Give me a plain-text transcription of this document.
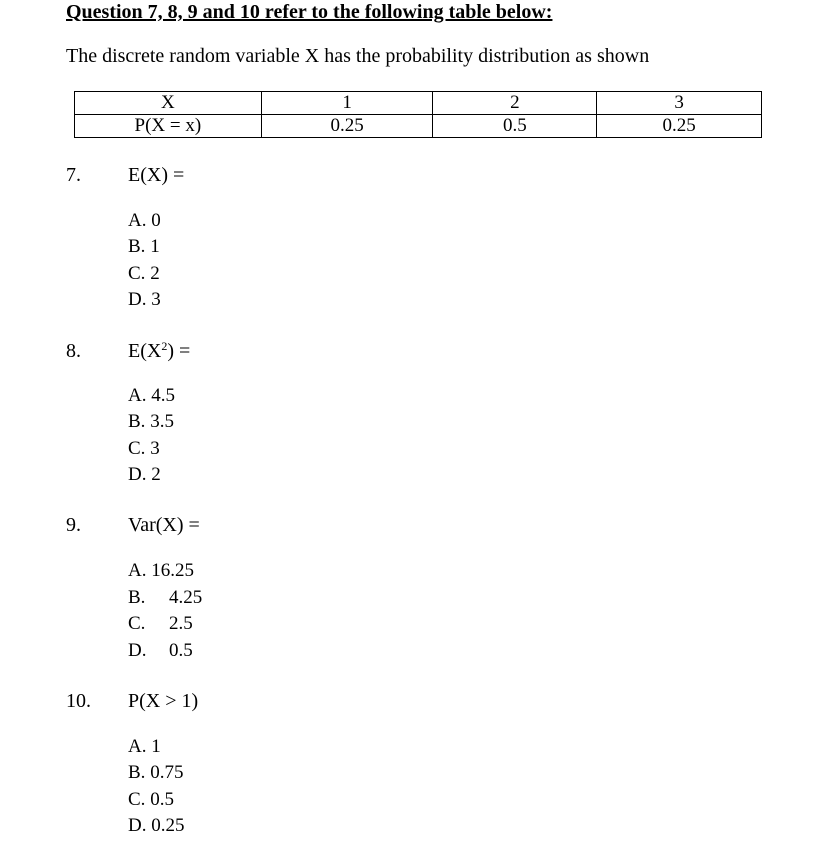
Question 7, 8, 9 and 10 refer to the following table below:
The discrete random variable X has the probability distribution as shown
X	1	2	3
P(X = x)	0.25	0.5	0.25
7. E(X) =
A. 0
B. 1
C. 2
D. 3
8. $E(X^2)$ =
A. 4.5
B. 3.5
C. 3
D. 2
9. Var(X) =
A. 16.25
B. 4.25
C. 2.5
D. 0.5
10. P(X > 1)
A. 1
B. 0.75
C. 0.5
D. 0.25
